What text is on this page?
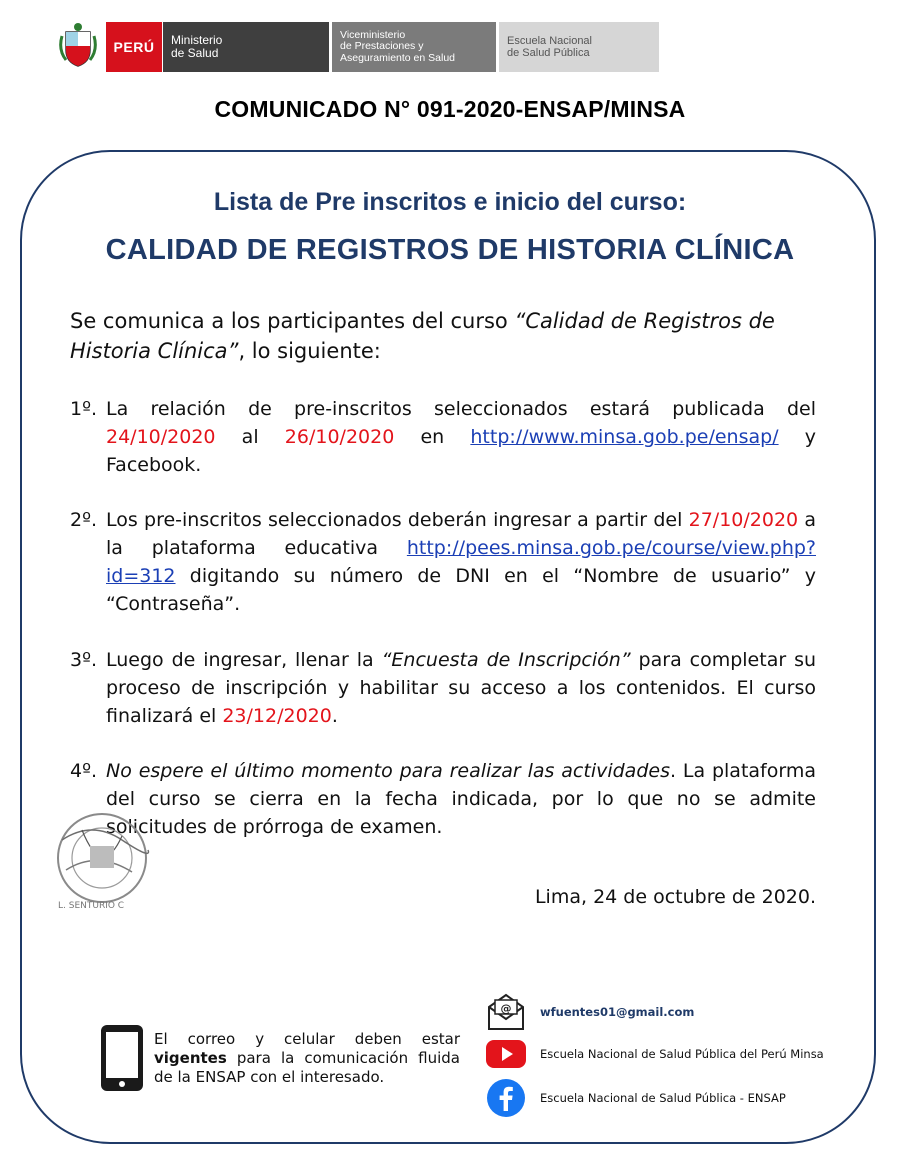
PERÚ	Ministerio
de Salud
Viceministerio
de Prestaciones y
Aseguramiento en Salud
Escuela Nacional
de Salud Pública
COMUNICADO N° 091-2020-ENSAP/MINSA
Lista de Pre inscritos e inicio del curso:
CALIDAD DE REGISTROS DE HISTORIA CLÍNICA
Se comunica a los participantes del curso “Calidad de Registros de Historia Clínica”, lo siguiente:
1º. La relación de pre-inscritos seleccionados estará publicada del 24/10/2020 al 26/10/2020 en http://www.minsa.gob.pe/ensap/ y Facebook.
2º. Los pre-inscritos seleccionados deberán ingresar a partir del 27/10/2020 a la plataforma educativa http://pees.minsa.gob.pe/course/view.php?id=312 digitando su número de DNI en el “Nombre de usuario” y “Contraseña”.
3º. Luego de ingresar, llenar la “Encuesta de Inscripción” para completar su proceso de inscripción y habilitar su acceso a los contenidos. El curso finalizará el 23/12/2020.
4º. No espere el último momento para realizar las actividades. La plataforma del curso se cierra en la fecha indicada, por lo que no se admite solicitudes de prórroga de examen.
L. SENTURIO C	Lima, 24 de octubre de 2020.
El correo y celular deben estar vigentes para la comunicación fluida de la ENSAP con el interesado.
@ wfuentes01@gmail.com
Escuela Nacional de Salud Pública del Perú Minsa
Escuela Nacional de Salud Pública - ENSAP
